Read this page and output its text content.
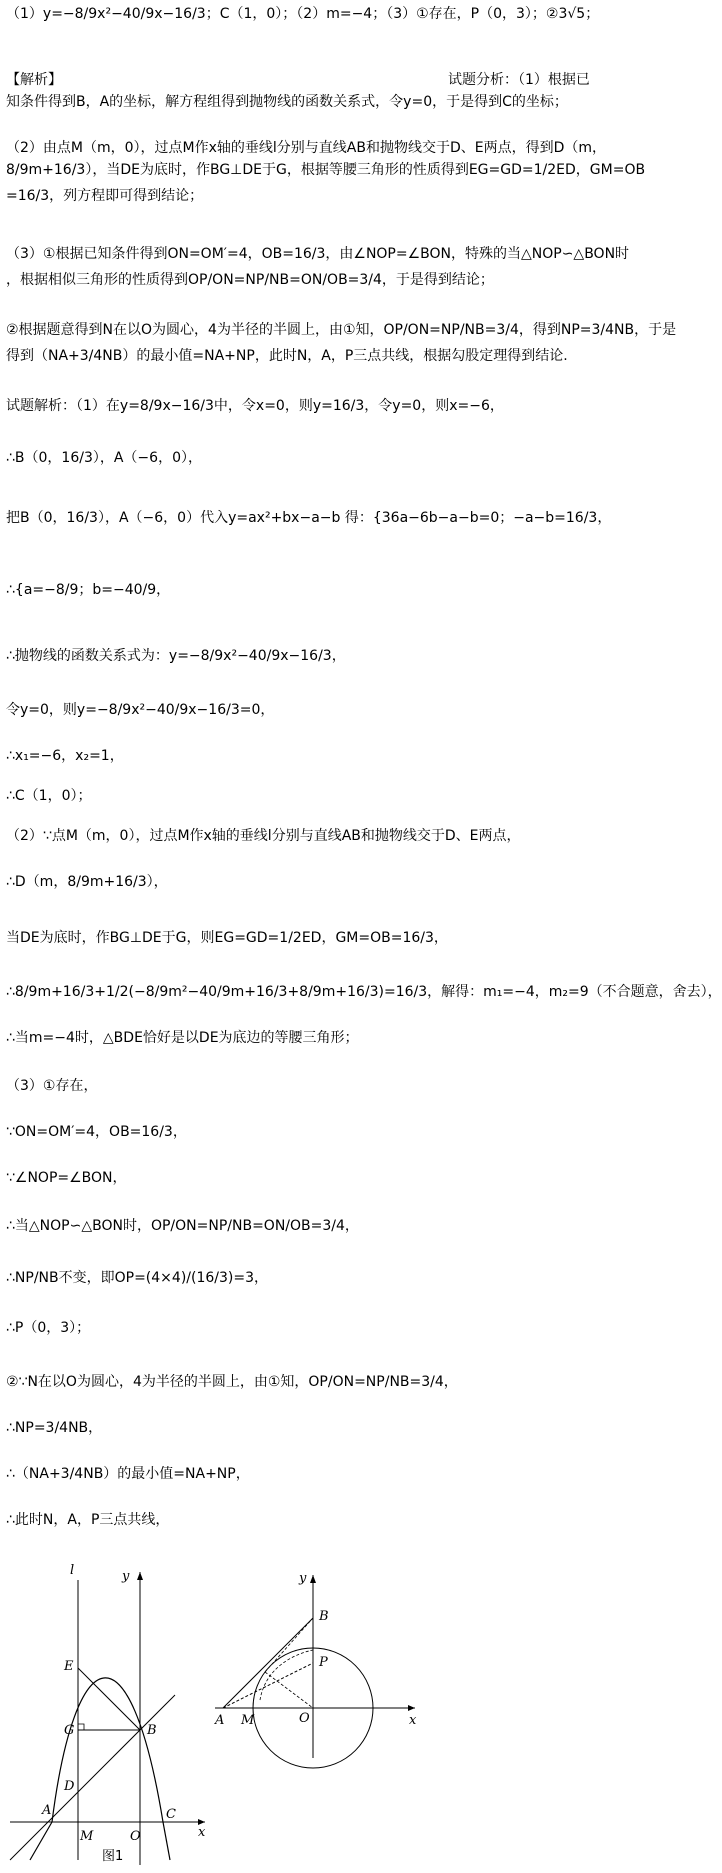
（1）y=−8/9x²−40/9x−16/3；C（1，0）；（2）m=−4；（3）①存在，P（0，3）；②3√5；
【解析】	试题分析：（1）根据已
知条件得到B，A的坐标，解方程组得到抛物线的函数关系式，令y=0，于是得到C的坐标；
（2）由点M（m，0），过点M作x轴的垂线l分别与直线AB和抛物线交于D、E两点，得到D（m，
8/9m+16/3），当DE为底时，作BG⊥DE于G，根据等腰三角形的性质得到EG=GD=1/2ED，GM=OB
=16/3，列方程即可得到结论；
（3）①根据已知条件得到ON=OM′=4，OB=16/3，由∠NOP=∠BON，特殊的当△NOP∽△BON时
，根据相似三角形的性质得到OP/ON=NP/NB=ON/OB=3/4，于是得到结论；
②根据题意得到N在以O为圆心，4为半径的半圆上，由①知，OP/ON=NP/NB=3/4，得到NP=3/4NB，于是
得到（NA+3/4NB）的最小值=NA+NP，此时N，A，P三点共线，根据勾股定理得到结论.
试题解析：（1）在y=8/9x−16/3中，令x=0，则y=16/3，令y=0，则x=−6，
∴B（0，16/3），A（−6，0），
把B（0，16/3），A（−6，0）代入y=ax²+bx−a−b 得：{36a−6b−a−b=0；−a−b=16/3，
∴{a=−8/9；b=−40/9，
∴抛物线的函数关系式为：y=−8/9x²−40/9x−16/3，
令y=0，则y=−8/9x²−40/9x−16/3=0，
∴x₁=−6，x₂=1，
∴C（1，0）；
（2）∵点M（m，0），过点M作x轴的垂线l分别与直线AB和抛物线交于D、E两点，
∴D（m，8/9m+16/3），
当DE为底时，作BG⊥DE于G，则EG=GD=1/2ED，GM=OB=16/3，
∴8/9m+16/3+1/2(−8/9m²−40/9m+16/3+8/9m+16/3)=16/3，解得：m₁=−4，m₂=9（不合题意，舍去），
∴当m=−4时，△BDE恰好是以DE为底边的等腰三角形；
（3）①存在，
∵ON=OM′=4，OB=16/3，
∵∠NOP=∠BON，
∴当△NOP∽△BON时，OP/ON=NP/NB=ON/OB=3/4，
∴NP/NB不变，即OP=(4×4)/(16/3)=3，
∴P（0，3）；
②∵N在以O为圆心，4为半径的半圆上，由①知，OP/ON=NP/NB=3/4，
∴NP=3/4NB，
∴（NA+3/4NB）的最小值=NA+NP，
∴此时N，A，P三点共线，
l	y
x
E
G	B
D
A
M	O
C
图1
y
x
B
P
A M	O
